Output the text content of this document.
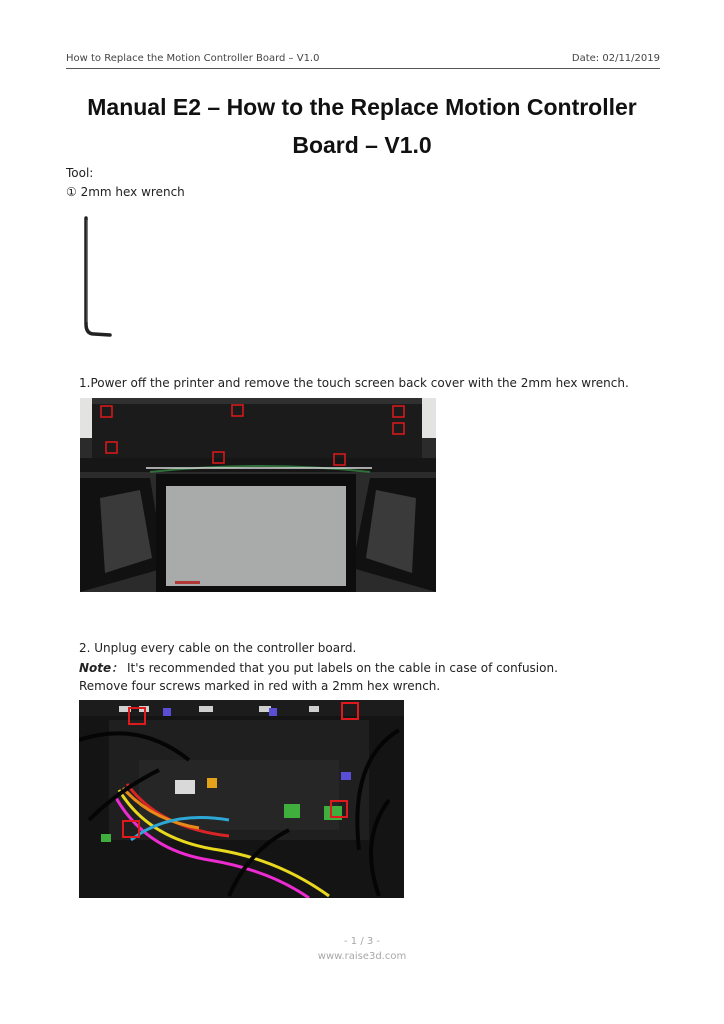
How to Replace the Motion Controller Board – V1.0	Date: 02/11/2019
Manual E2 – How to the Replace Motion Controller
Board – V1.0
Tool:
① 2mm hex wrench
1.Power off the printer and remove the touch screen back cover with the 2mm hex wrench.
2. Unplug every cable on the controller board.
Note： It's recommended that you put labels on the cable in case of confusion.
Remove four screws marked in red with a 2mm hex wrench.
- 1 / 3 -
www.raise3d.com
